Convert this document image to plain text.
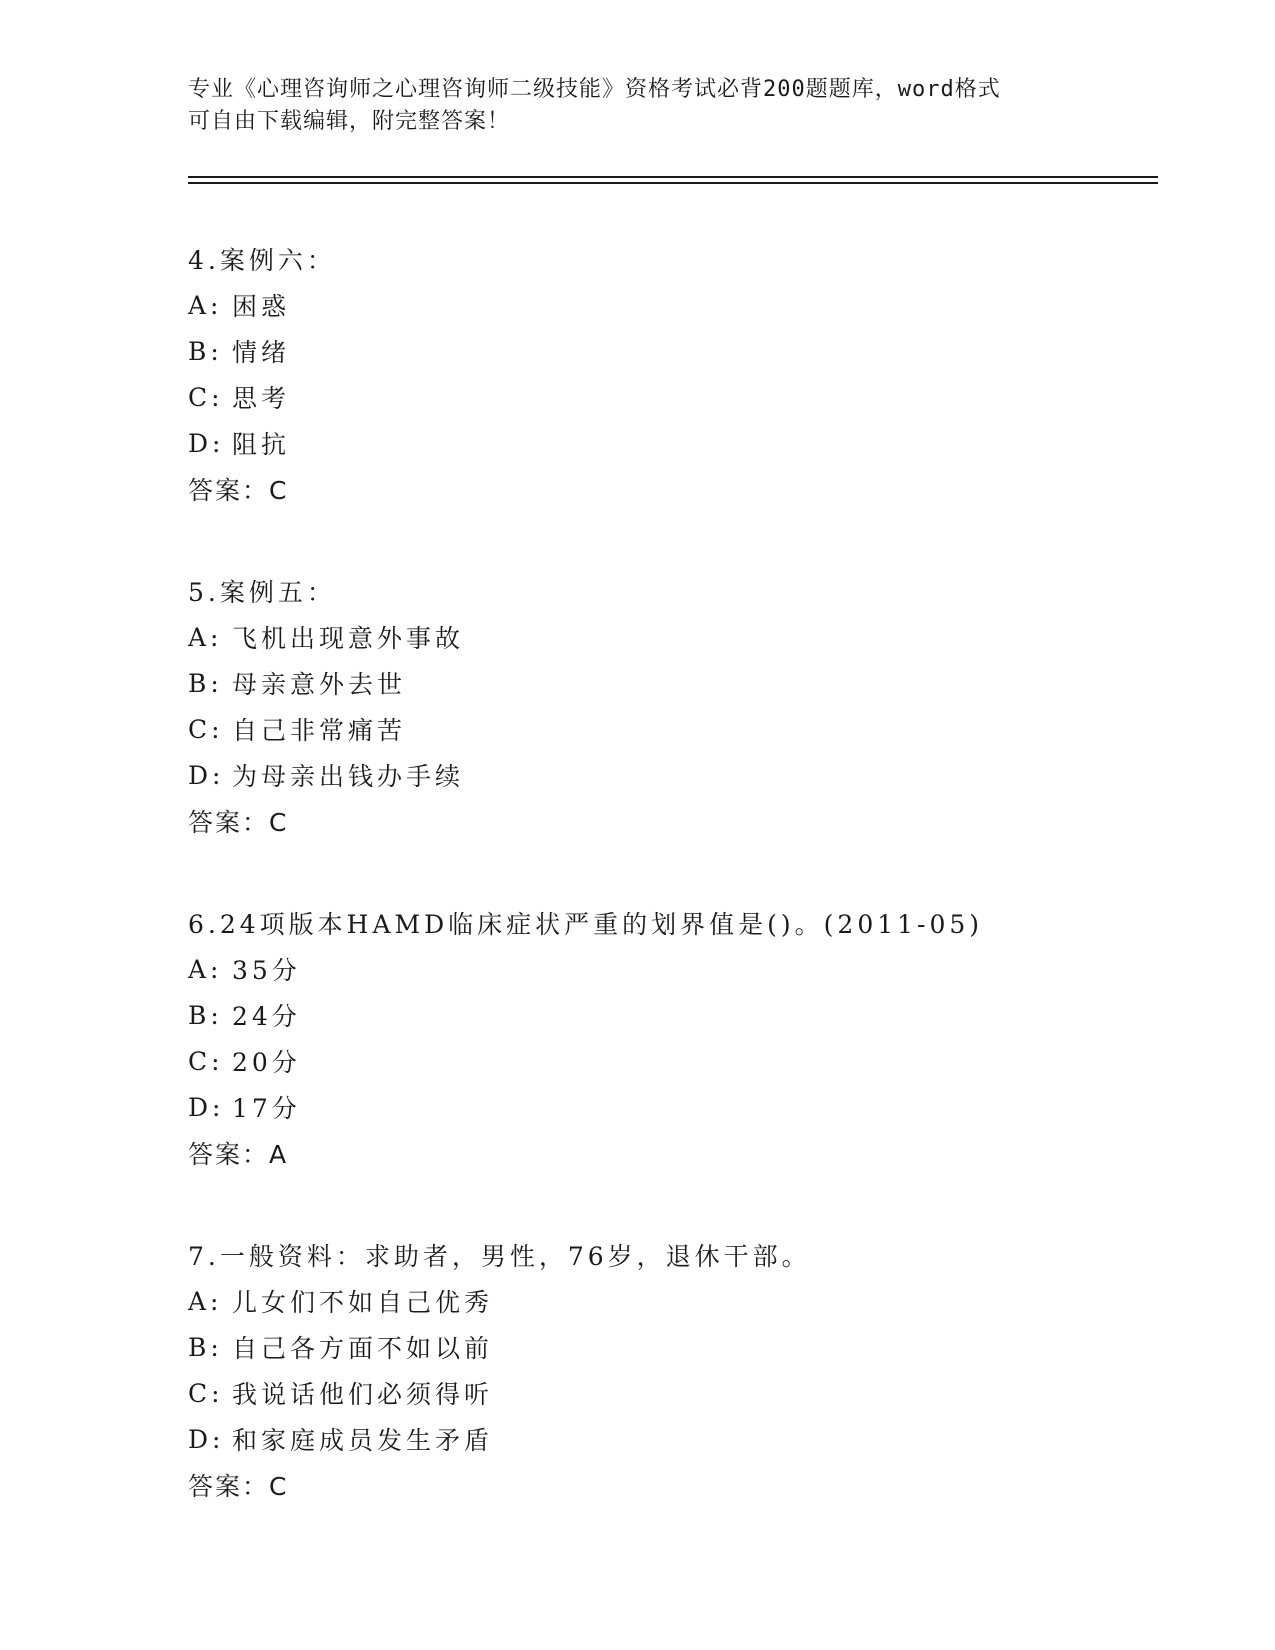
专业《心理咨询师之心理咨询师二级技能》资格考试必背200题题库，word格式
可自由下载编辑，附完整答案！
4.案例六：
A: 困惑
B: 情绪
C: 思考
D: 阻抗
答案：C
5.案例五：
A: 飞机出现意外事故
B: 母亲意外去世
C: 自己非常痛苦
D: 为母亲出钱办手续
答案：C
6.24项版本HAMD临床症状严重的划界值是()。(2011-05)
A: 35分
B: 24分
C: 20分
D: 17分
答案：A
7.一般资料：求助者，男性，76岁，退休干部。
A: 儿女们不如自己优秀
B: 自己各方面不如以前
C: 我说话他们必须得听
D: 和家庭成员发生矛盾
答案：C
